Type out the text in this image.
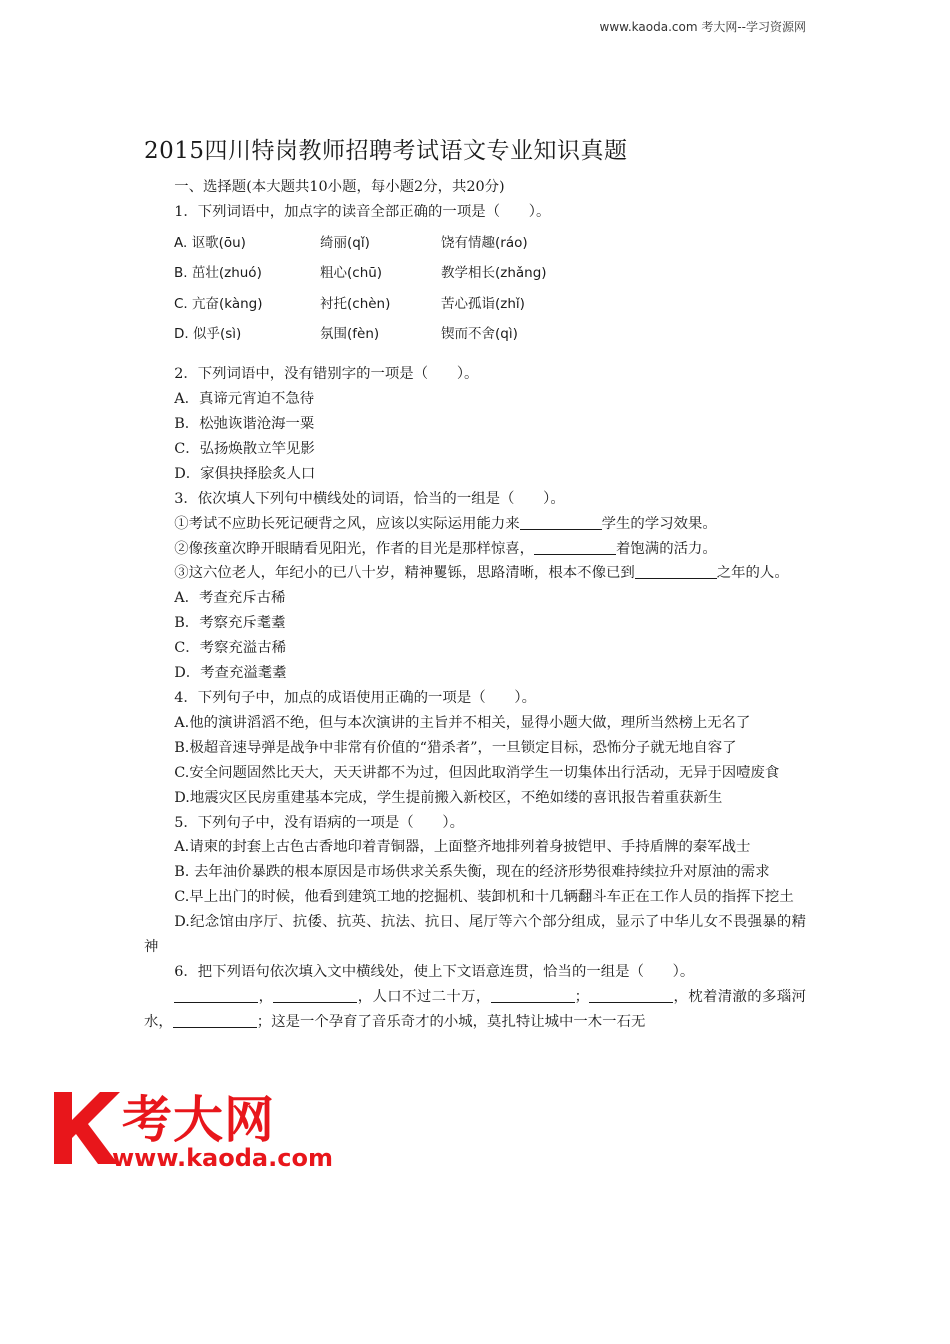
www.kaoda.com 考大网--学习资源网
2015四川特岗教师招聘考试语文专业知识真题

一、选择题(本大题共10小题，每小题2分，共20分)

1．下列词语中，加点字的读音全部正确的一项是（　　）。

A. 讴歌(ōu)	绮丽(qǐ)	饶有情趣(ráo)
B. 茁壮(zhuó)	粗心(chū)	教学相长(zhǎng)
C. 亢奋(kàng)	衬托(chèn)	苦心孤诣(zhǐ)
D. 似乎(sì)	氛围(fèn)	锲而不舍(qì)

2．下列词语中，没有错别字的一项是（　　）。

A．真谛元宵迫不急待

B．松弛诙谐沧海一粟

C．弘扬焕散立竿见影

D．家俱抉择脍炙人口

3．依次填人下列句中横线处的词语，恰当的一组是（　　）。

①考试不应助长死记硬背之风，应该以实际运用能力来	学生的学习效果。

②像孩童次睁开眼睛看见阳光，作者的目光是那样惊喜，	着饱满的活力。

③这六位老人，年纪小的已八十岁，精神矍铄，思路清晰，根本不像已到	之年的人。

A．考查充斥古稀

B．考察充斥耄耋

C．考察充溢古稀

D．考查充溢耄耋

4．下列句子中，加点的成语使用正确的一项是（　　）。

A.他的演讲滔滔不绝，但与本次演讲的主旨并不相关，显得小题大做，理所当然榜上无名了

B.极超音速导弹是战争中非常有价值的“猎杀者”，一旦锁定目标，恐怖分子就无地自容了

C.安全问题固然比天大，天天讲都不为过，但因此取消学生一切集体出行活动，无异于因噎废食

D.地震灾区民房重建基本完成，学生提前搬入新校区，不绝如缕的喜讯报告着重获新生

5．下列句子中，没有语病的一项是（　　）。

A.请柬的封套上古色古香地印着青铜器，上面整齐地排列着身披铠甲、手持盾牌的秦军战士

B. 去年油价暴跌的根本原因是市场供求关系失衡，现在的经济形势很难持续拉升对原油的需求

C.早上出门的时候，他看到建筑工地的挖掘机、装卸机和十几辆翻斗车正在工作人员的指挥下挖土

D.纪念馆由序厅、抗倭、抗英、抗法、抗日、尾厅等六个部分组成，显示了中华儿女不畏强暴的精神

6．把下列语句依次填入文中横线处，使上下文语意连贯，恰当的一组是（　　）。

，	，人口不过二十万，	；	，枕着清澈的多瑙河水，	；这是一个孕育了音乐奇才的小城，莫扎特让城中一木一石无

考大网
www.kaoda.com
